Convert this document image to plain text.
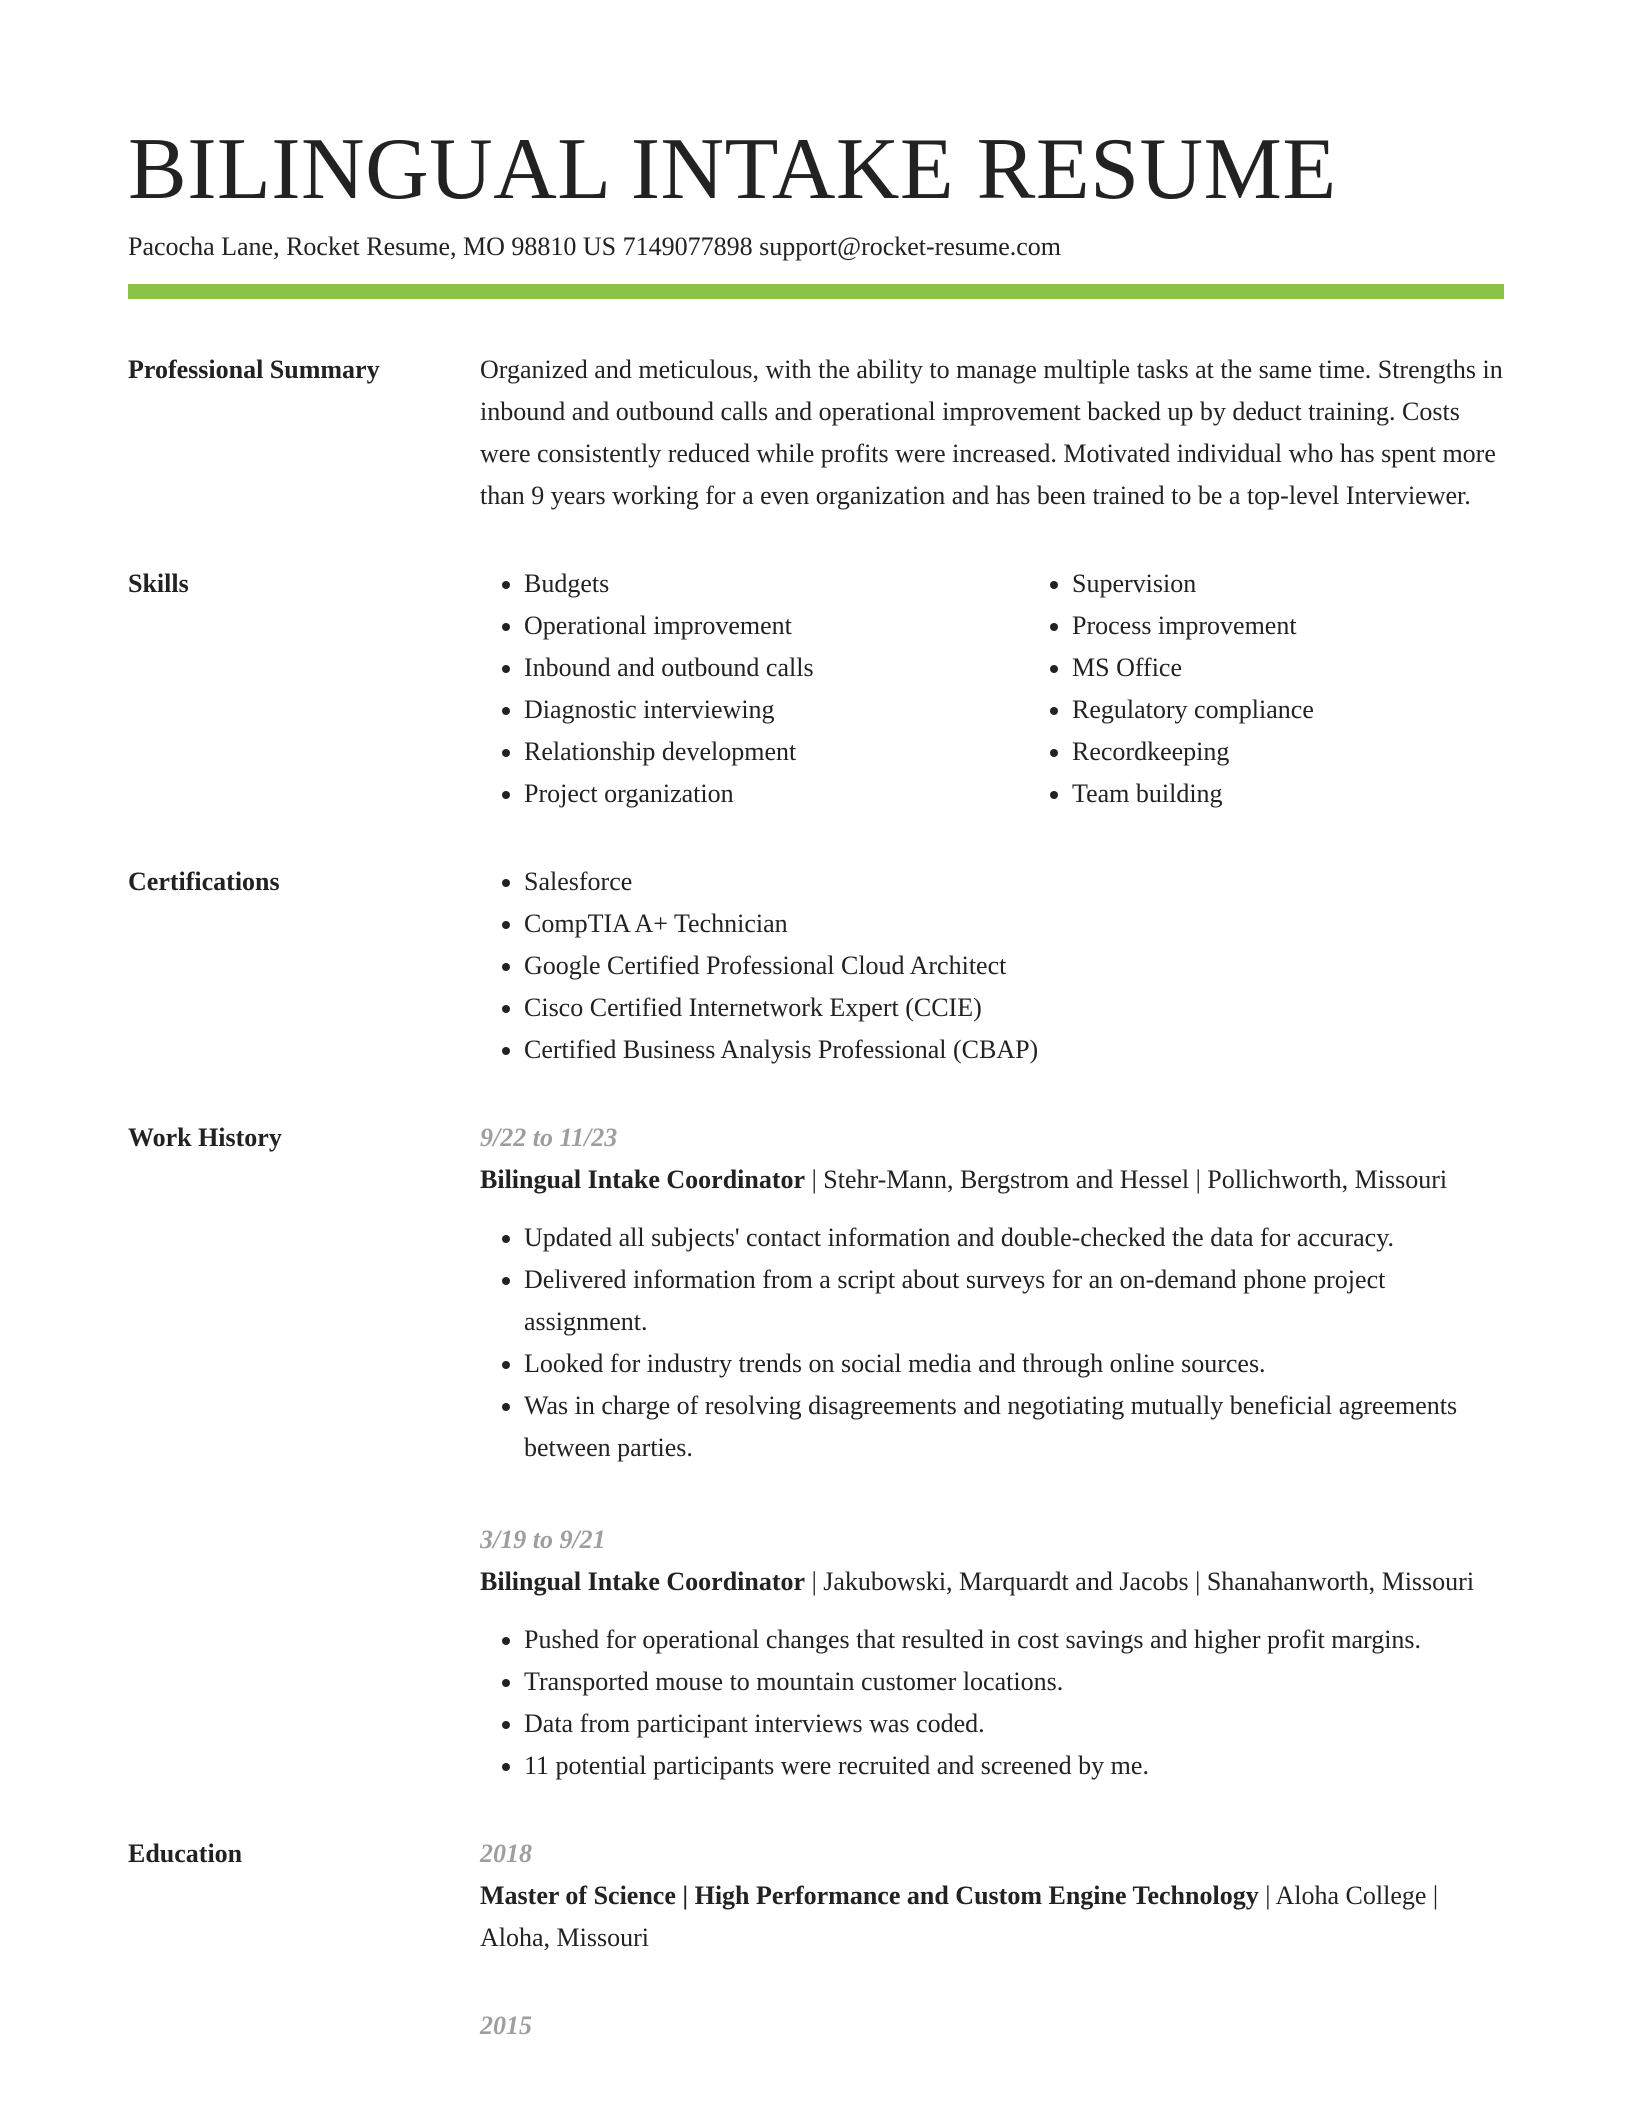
BILINGUAL INTAKE RESUME
Pacocha Lane, Rocket Resume, MO 98810 US 7149077898 support@rocket-resume.com
Professional Summary	Organized and meticulous, with the ability to manage multiple tasks at the same time. Strengths in inbound and outbound calls and operational improvement backed up by deduct training. Costs were consistently reduced while profits were increased. Motivated individual who has spent more than 9 years working for a even organization and has been trained to be a top-level Interviewer.

Skills	• Budgets
• Operational improvement
• Inbound and outbound calls
• Diagnostic interviewing
• Relationship development
• Project organization
• Supervision
• Process improvement
• MS Office
• Regulatory compliance
• Recordkeeping
• Team building
Certifications	• Salesforce
• CompTIA A+ Technician
• Google Certified Professional Cloud Architect
• Cisco Certified Internetwork Expert (CCIE)
• Certified Business Analysis Professional (CBAP)
Work History	9/22 to 11/23
Bilingual Intake Coordinator | Stehr-Mann, Bergstrom and Hessel | Pollichworth, Missouri
• Updated all subjects' contact information and double-checked the data for accuracy.
• Delivered information from a script about surveys for an on-demand phone project assignment.
• Looked for industry trends on social media and through online sources.
• Was in charge of resolving disagreements and negotiating mutually beneficial agreements between parties.
3/19 to 9/21
Bilingual Intake Coordinator | Jakubowski, Marquardt and Jacobs | Shanahanworth, Missouri
• Pushed for operational changes that resulted in cost savings and higher profit margins.
• Transported mouse to mountain customer locations.
• Data from participant interviews was coded.
• 11 potential participants were recruited and screened by me.
Education	2018
Master of Science | High Performance and Custom Engine Technology | Aloha College | Aloha, Missouri
2015
